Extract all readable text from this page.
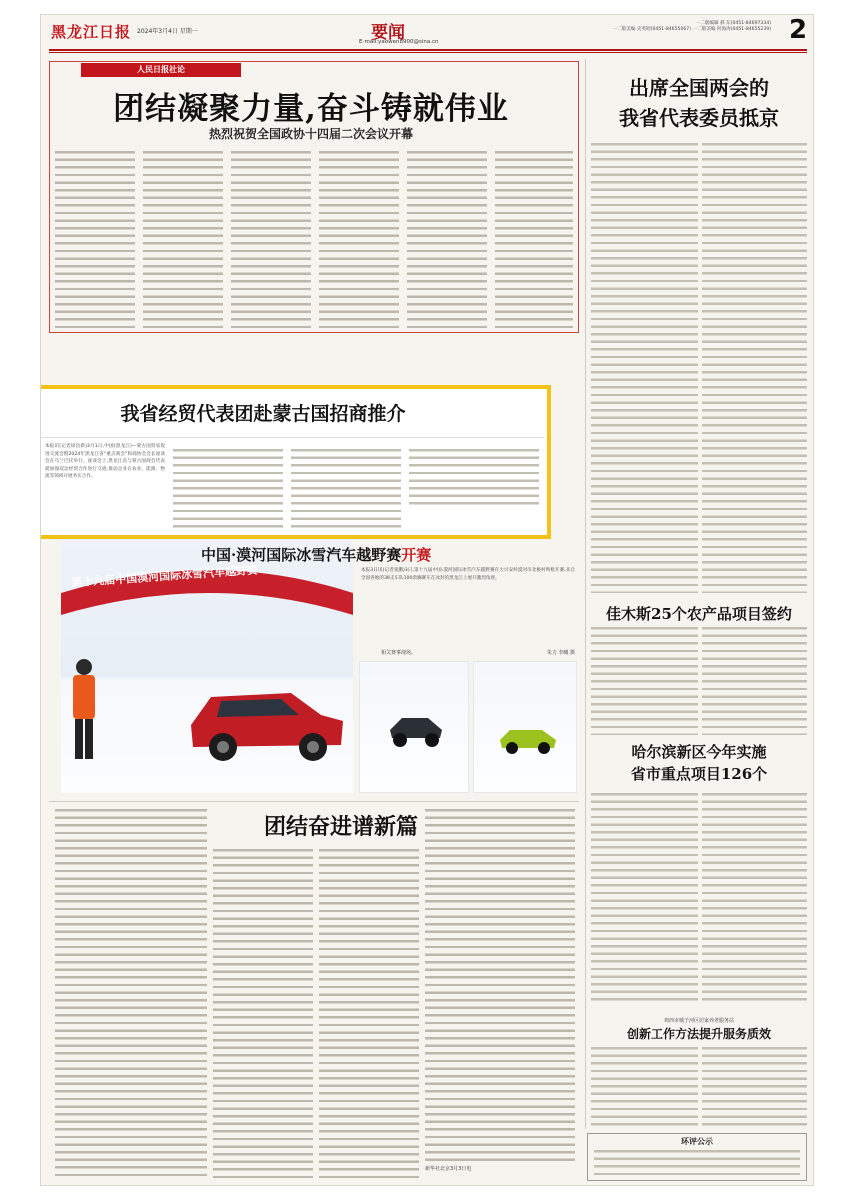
黑龙江日报 2024年3月4日 星期一	要闻
E-mail:yaowen8900@sina.cn
一二版编辑 郝 东(0451-84697334)
一二版美编 史英昭(0451-84655067) 一二版美编 何海涛(0451-84655239) 2
人民日报社论
团结凝聚力量,奋斗铸就伟业
热烈祝贺全国政协十四届二次会议开幕
出席全国两会的
我省代表委员抵京
佳木斯25个农产品项目签约
哈尔滨新区今年实施
省市重点项目126个
鸡西市城子河区居家养老服务站
创新工作方法提升服务质效
环评公示
第十九届中国漠河国际冰雪汽车越野赛
中国·漠河国际冰雪汽车越野赛开赛
本报3日讯(记者张鹏)3日,第十九届中国·漠河国际冰雪汽车越野赛在大兴安岭漠河市北极村鸣枪开赛,来自全国各地的38支车队100余辆赛车在冰封的黑龙江上展开激烈角逐。
相关赛事现场。	朱力 李曦 摄
团结奋进谱新篇
新华社北京3月3日电
我省经贸代表团赴蒙古国招商推介
本报讯(记者徐昌新)3月1日,中国(黑龙江)—蒙古国贸易促进交流会暨2024年黑龙江省“重点商会”和商协会会长座谈会在乌兰巴托举行。座谈会上,黑龙江省与蒙古国商会代表就加强双边经贸合作进行交流,推动企业在农业、能源、物流等领域开展务实合作。
